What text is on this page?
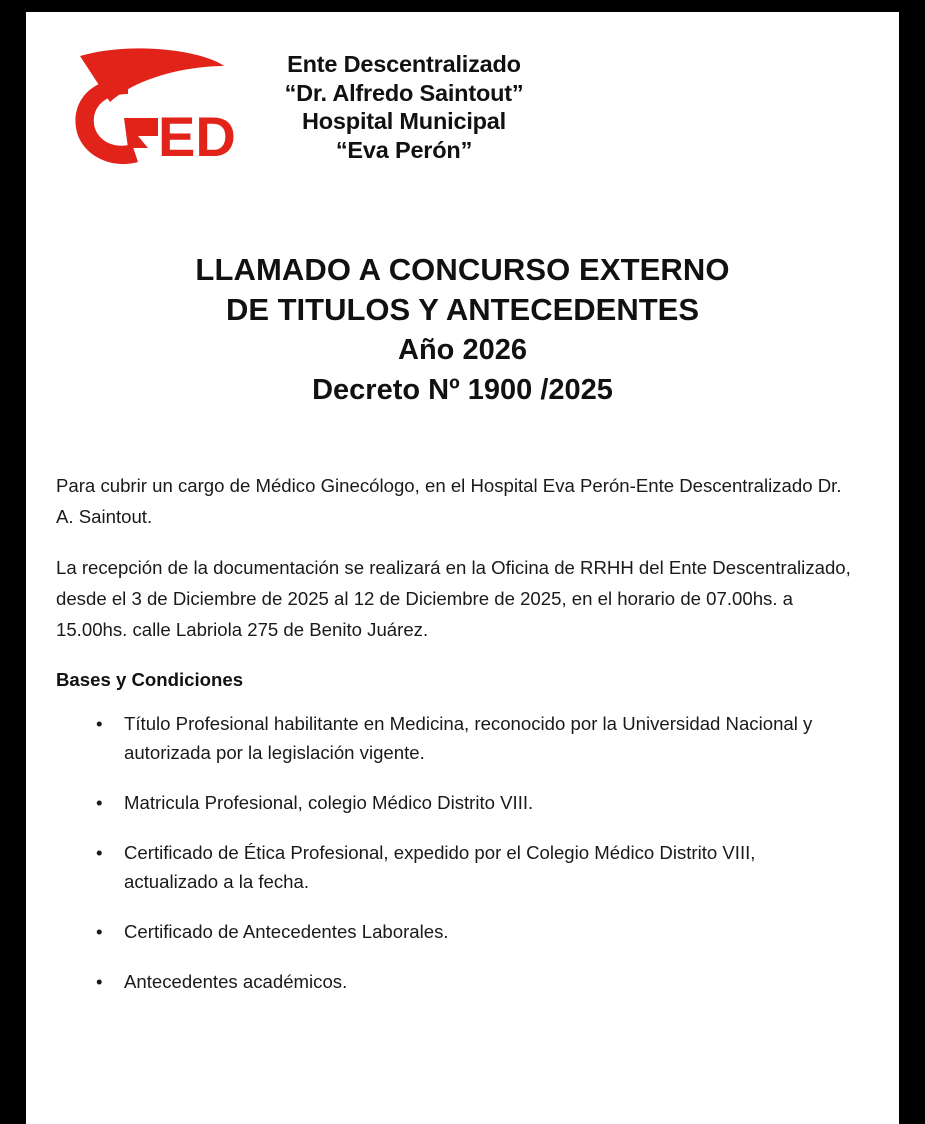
ED
Ente Descentralizado
“Dr. Alfredo Saintout”
Hospital Municipal
“Eva Perón”
LLAMADO A CONCURSO EXTERNO
DE TITULOS Y ANTECEDENTES
Año 2026
Decreto Nº 1900 /2025

Para cubrir un cargo de Médico Ginecólogo, en el Hospital Eva Perón-Ente Descentralizado Dr. A. Saintout.

La recepción de la documentación se realizará en la Oficina de RRHH del Ente Descentralizado, desde el 3 de Diciembre de 2025 al 12 de Diciembre de 2025, en el horario de 07.00hs. a 15.00hs. calle Labriola 275 de Benito Juárez.

Bases y Condiciones
• Título Profesional habilitante en Medicina, reconocido por la Universidad Nacional y autorizada por la legislación vigente.
• Matricula Profesional, colegio Médico Distrito VIII.
• Certificado de Ética Profesional, expedido por el Colegio Médico Distrito VIII, actualizado a la fecha.
• Certificado de Antecedentes Laborales.
• Antecedentes académicos.
